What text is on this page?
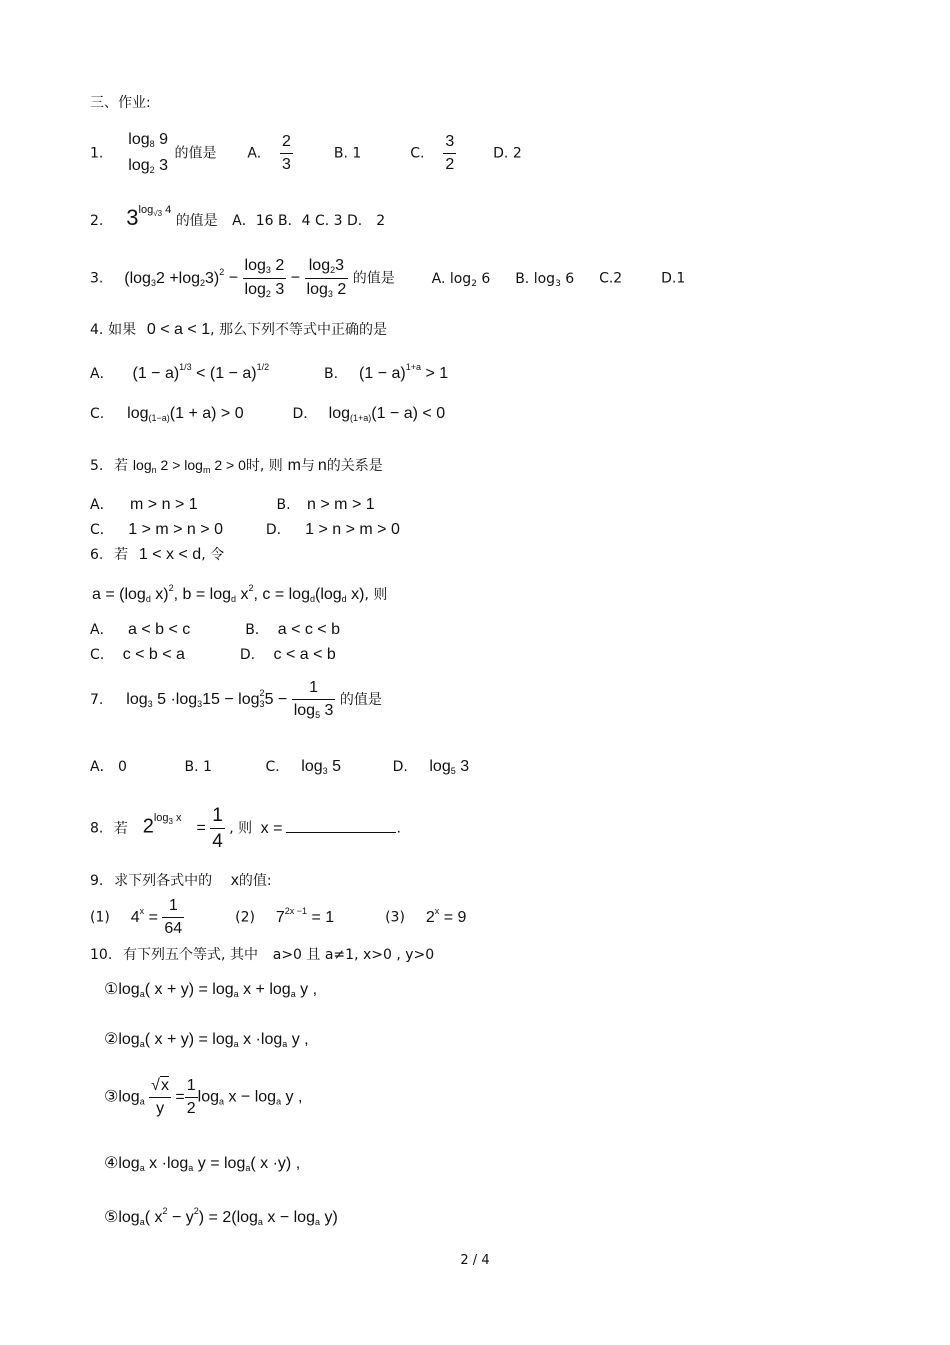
三、作业:
1.
$\log_8 9$
$\log_2 3$
的值是 A. $\frac{2}{3}$	B. 1	C. $\frac{3}{2}$	D. 2
2. $3^{log_{√3} 4}$ 的值是 A．16 B．4 C. 3 D． 2
3. $(\log_32 +\log_23)^2 - \frac{\log_3 2}{\log_2 3} - \frac{\log_23}{\log_3 2}$ 的值是	A. $\log_2 6$ B. $\log_3 6$ C.2	D.1
4. 如果 0 < a < 1, 那么下列不等式中正确的是
A． $(1 - a)^{1/3} < (1 - a)^{1/2}$	B. $(1 - a)^{1+a} > 1$
C. $\log_{(1-a)}(1 + a) > 0$	D. $\log_{(1+a)}(1 - a) < 0$
5. 若 $\log_n 2 > \log_m 2 > 0$时, 则 m与 n的关系是
A． m > n > 1	B. n > m > 1
C． 1 > m > n > 0	D． 1 > n > m > 0
6. 若 1 < x < d, 令
$a = (\log_d$ x)$^2$, $b = \log_d x^2$, $c = \log_d(\log_d$ x), 则
A． a < b < c	B. a < c < b
C. c < b < a	D. c < a < b
7. $\log_3 5 \cdot\log_315 - \log_3^25 - \frac{1}{\log_5 3}$ 的值是
A． 0	B. 1	C. $\log_3 5$	D. $\log_5 3$
8. 若 $2^{log_3 x} = \frac{1}{4}$ , 则 x =	.
9. 求下列各式中的 x的值:
(1) $4^x = \frac{1}{64}$	(2) $7^{2x -1} = 1$	(3) $2^x = 9$
10. 有下列五个等式, 其中 a>0 且 a≠1, x>0 , y>0
$①\log_a$( $x + y) = \log_a x + \log_a y$ ,
$②\log_a$( $x + y) = \log_a x \cdot\log_a$ y ,
$③\log_a \frac{√x}{y} = \frac{1}{2} \log_a x - \log_a y$ ,
$④\log_a$ $x \cdot\log_a$ $y = \log_a$( x ·y) ,
$⑤\log_a$( $x^2 - y^2) = 2(\log_a$ $x - \log_a y$)
2 / 4
